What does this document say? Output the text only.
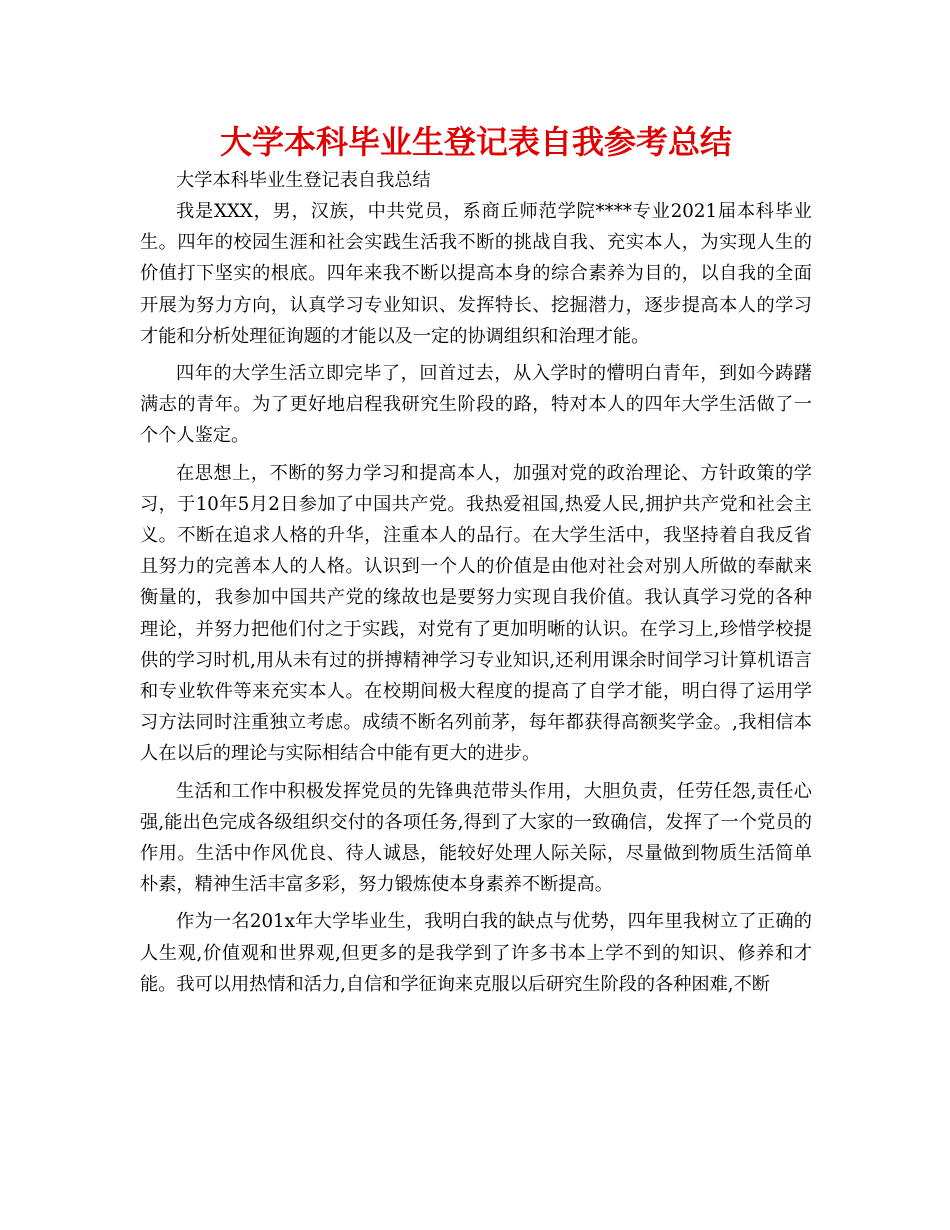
大学本科毕业生登记表自我参考总结

大学本科毕业生登记表自我总结

我是XXX，男，汉族，中共党员，系商丘师范学院****专业2021届本科毕业生。四年的校园生涯和社会实践生活我不断的挑战自我、充实本人，为实现人生的价值打下坚实的根底。四年来我不断以提高本身的综合素养为目的，以自我的全面开展为努力方向，认真学习专业知识、发挥特长、挖掘潜力，逐步提高本人的学习才能和分析处理征询题的才能以及一定的协调组织和治理才能。

四年的大学生活立即完毕了，回首过去，从入学时的懵明白青年，到如今踌躇满志的青年。为了更好地启程我研究生阶段的路，特对本人的四年大学生活做了一个个人鉴定。

在思想上，不断的努力学习和提高本人，加强对党的政治理论、方针政策的学习，于10年5月2日参加了中国共产党。我热爱祖国,热爱人民,拥护共产党和社会主义。不断在追求人格的升华，注重本人的品行。在大学生活中，我坚持着自我反省且努力的完善本人的人格。认识到一个人的价值是由他对社会对别人所做的奉献来衡量的，我参加中国共产党的缘故也是要努力实现自我价值。我认真学习党的各种理论，并努力把他们付之于实践，对党有了更加明晰的认识。在学习上,珍惜学校提供的学习时机,用从未有过的拼搏精神学习专业知识,还利用课余时间学习计算机语言和专业软件等来充实本人。在校期间极大程度的提高了自学才能，明白得了运用学习方法同时注重独立考虑。成绩不断名列前茅，每年都获得高额奖学金。,我相信本人在以后的理论与实际相结合中能有更大的进步。

生活和工作中积极发挥党员的先锋典范带头作用，大胆负责，任劳任怨,责任心强,能出色完成各级组织交付的各项任务,得到了大家的一致确信，发挥了一个党员的作用。生活中作风优良、待人诚恳，能较好处理人际关际，尽量做到物质生活简单朴素，精神生活丰富多彩，努力锻炼使本身素养不断提高。

作为一名201x年大学毕业生，我明白我的缺点与优势，四年里我树立了正确的人生观,价值观和世界观,但更多的是我学到了许多书本上学不到的知识、修养和才能。我可以用热情和活力,自信和学征询来克服以后研究生阶段的各种困难,不断
